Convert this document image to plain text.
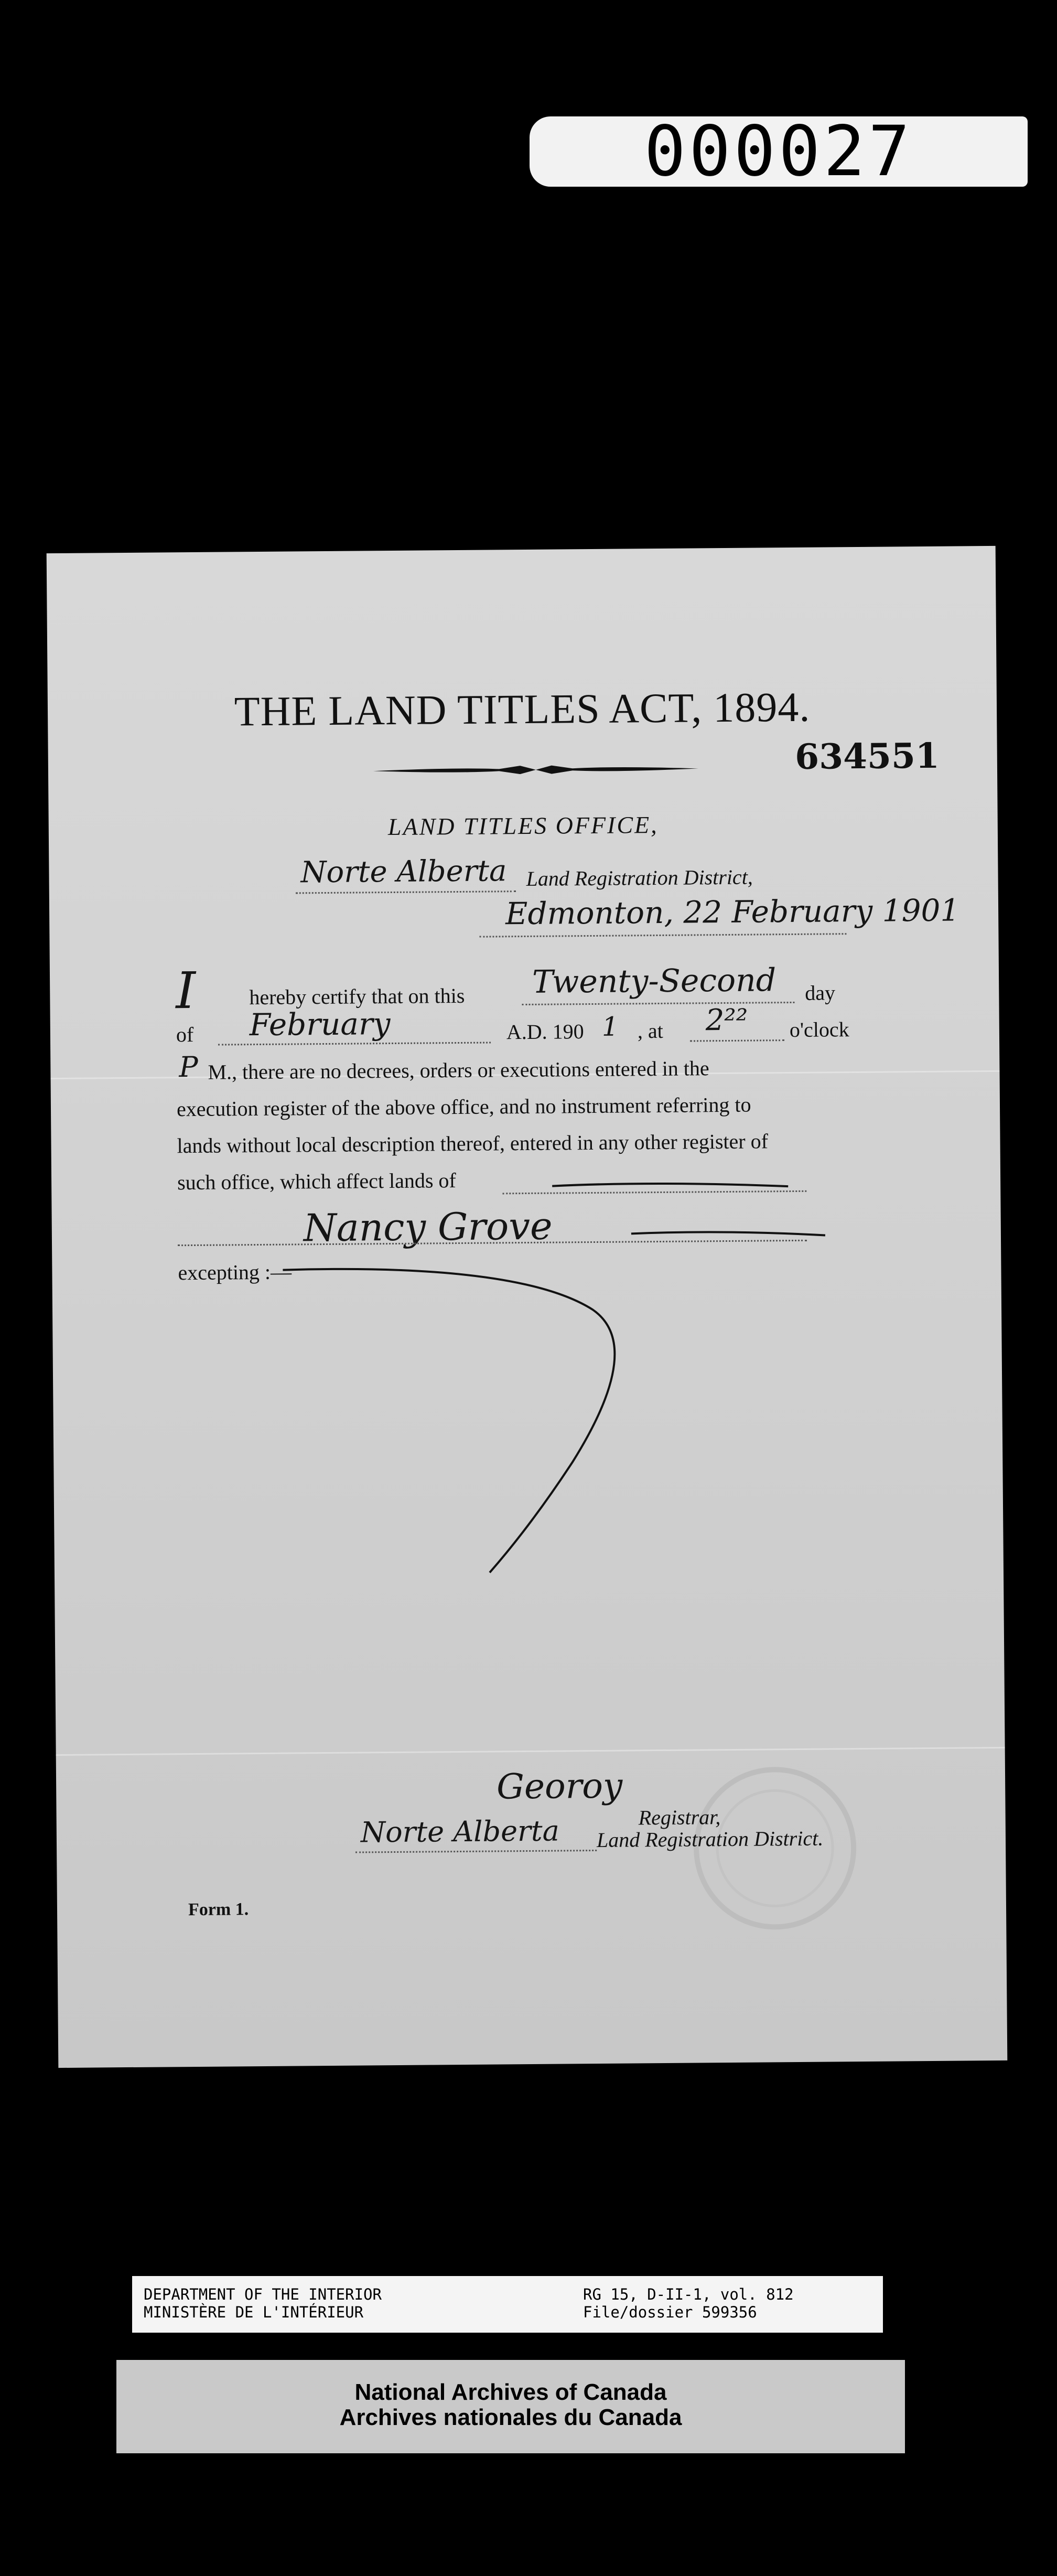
000027
THE LAND TITLES ACT, 1894.
634551
LAND TITLES OFFICE,
Norte Alberta Land Registration District,
Edmonton, 22 February 1901
I	hereby certify that on this Twenty-Second day
of February	A.D. 190 1 , at 2²² o'clock
P M., there are no decrees, orders or executions entered in the
execution register of the above office, and no instrument referring to
lands without local description thereof, entered in any other register of
such office, which affect lands of
Nancy Grove
excepting :—
Georoy
Registrar,
Norte Alberta Land Registration District.
Form 1.
DEPARTMENT OF THE INTERIOR
MINISTÈRE DE L'INTÉRIEUR
RG 15, D-II-1, vol. 812
File/dossier 599356
National Archives of Canada
Archives nationales du Canada
